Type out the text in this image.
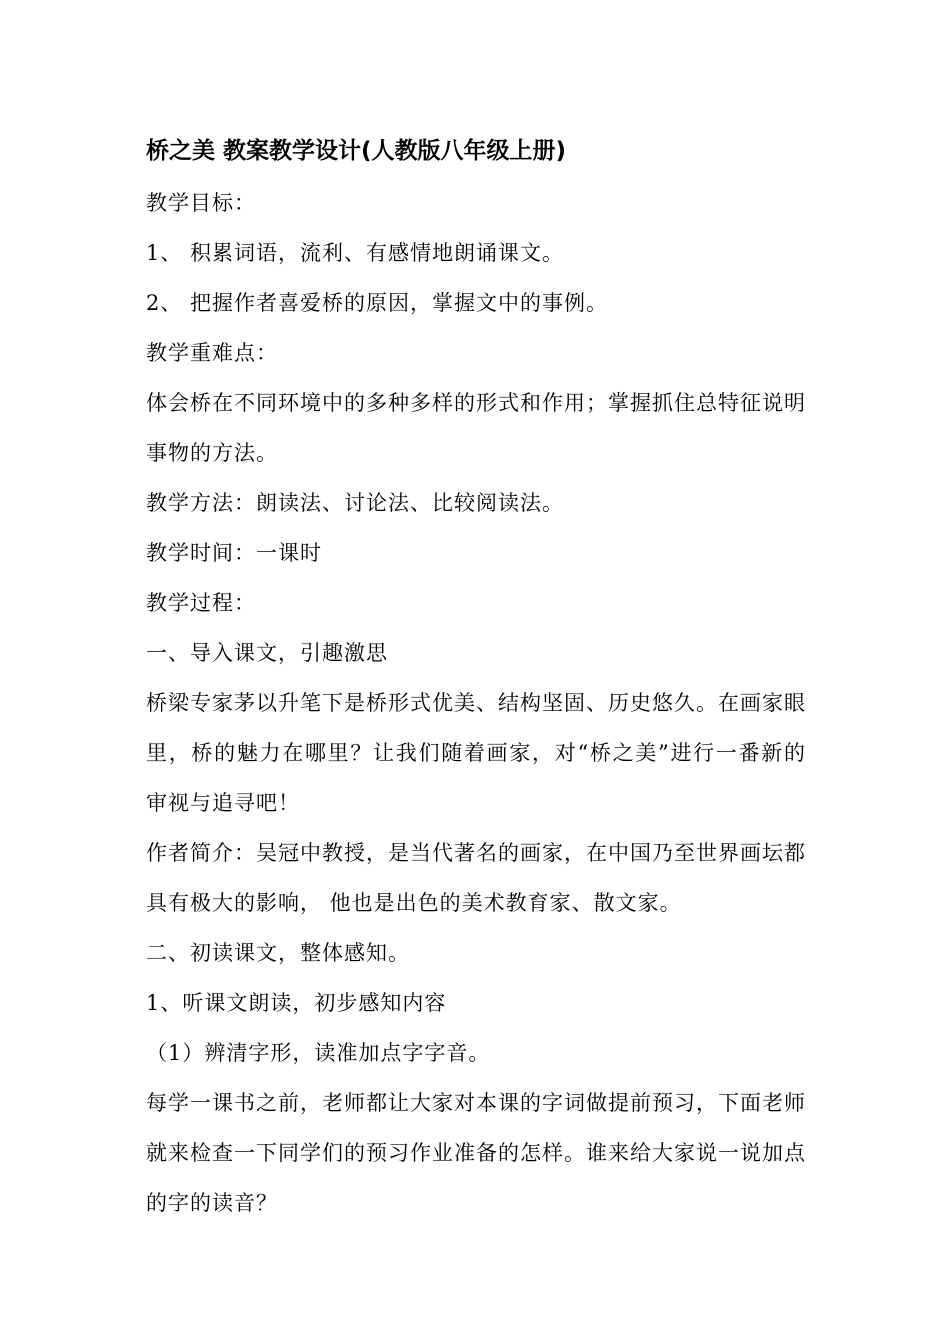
桥之美 教案教学设计(人教版八年级上册)

教学目标：

1、 积累词语，流利、有感情地朗诵课文。

2、 把握作者喜爱桥的原因，掌握文中的事例。

教学重难点：

体会桥在不同环境中的多种多样的形式和作用；掌握抓住总特征说明事物的方法。

教学方法：朗读法、讨论法、比较阅读法。

教学时间：一课时

教学过程：

一、导入课文，引趣激思

桥梁专家茅以升笔下是桥形式优美、结构坚固、历史悠久。在画家眼里，桥的魅力在哪里？让我们随着画家，对“桥之美”进行一番新的审视与追寻吧！

作者简介：吴冠中教授，是当代著名的画家，在中国乃至世界画坛都具有极大的影响， 他也是出色的美术教育家、散文家。

二、初读课文，整体感知。

1、听课文朗读，初步感知内容

（1）辨清字形，读准加点字字音。

每学一课书之前，老师都让大家对本课的字词做提前预习，下面老师就来检查一下同学们的预习作业准备的怎样。谁来给大家说一说加点的字的读音？
